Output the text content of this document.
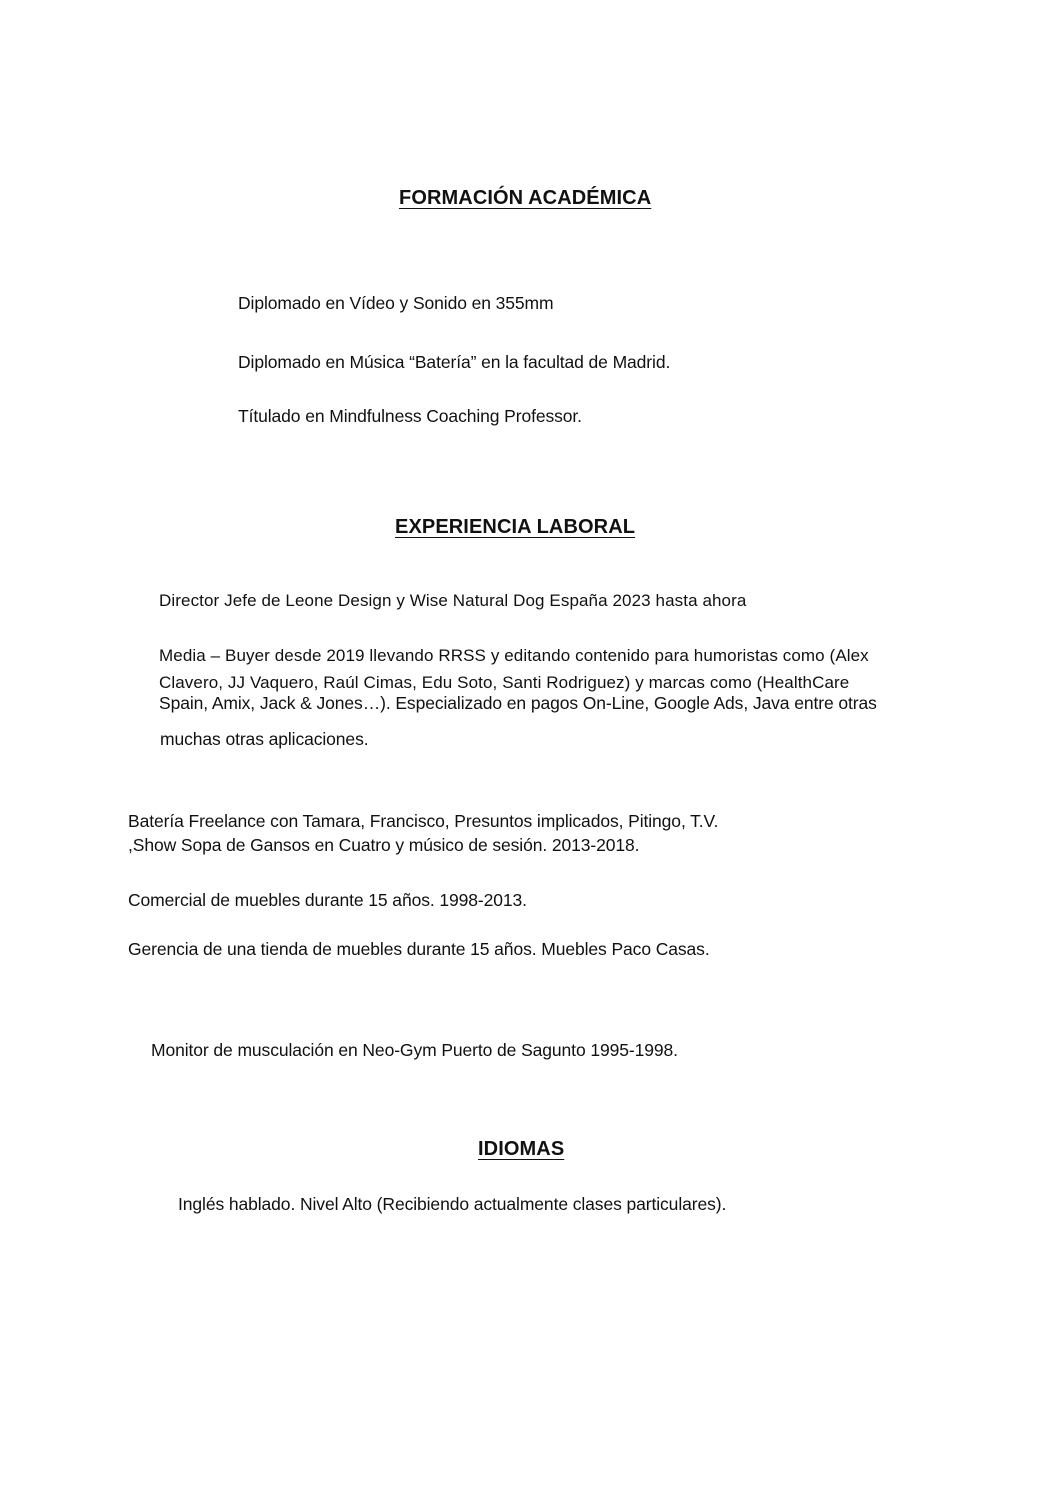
FORMACIÓN ACADÉMICA
Diplomado en Vídeo y Sonido en 355mm
Diplomado en Música “Batería” en la facultad de Madrid.
Títulado en Mindfulness Coaching Professor.
EXPERIENCIA LABORAL
Director Jefe de Leone Design y Wise Natural Dog España 2023 hasta ahora
Media – Buyer desde 2019 llevando RRSS y editando contenido para humoristas como (Alex
Clavero, JJ Vaquero, Raúl Cimas, Edu Soto, Santi Rodriguez) y marcas como (HealthCare
Spain, Amix, Jack & Jones…). Especializado en pagos On-Line, Google Ads, Java entre otras
muchas otras aplicaciones.
Batería Freelance con Tamara, Francisco, Presuntos implicados, Pitingo, T.V.
,Show Sopa de Gansos en Cuatro y músico de sesión. 2013-2018.
Comercial de muebles durante 15 años. 1998-2013.
Gerencia de una tienda de muebles durante 15 años. Muebles Paco Casas.
Monitor de musculación en Neo-Gym Puerto de Sagunto 1995-1998.
IDIOMAS
Inglés hablado. Nivel Alto (Recibiendo actualmente clases particulares).
